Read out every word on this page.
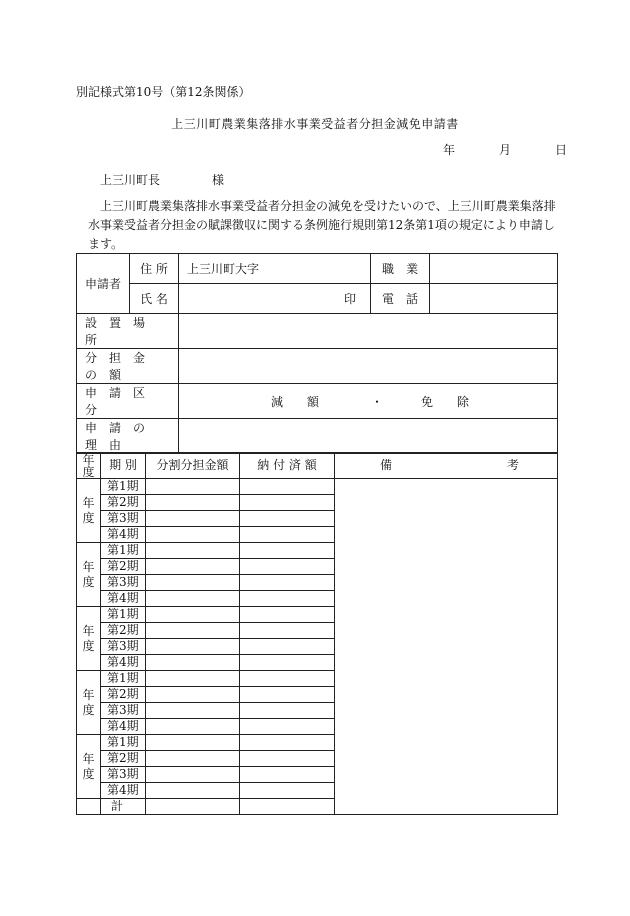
別記様式第10号（第12条関係）
上三川町農業集落排水事業受益者分担金減免申請書
年	月	日
上三川町長	様
上三川町農業集落排水事業受益者分担金の減免を受けたいので、上三川町農業集落排水事業受益者分担金の賦課徴収に関する条例施行規則第12条第1項の規定により申請します。
申請者	住 所	上三川町大字	職　業	
	氏 名	印	電　話	
設置場所				
分担金の額				
申請区分		減　　額 ・ 免　　除		
申請の理由				
年度	期 別	分割分担金額	納 付 済 額	備 考
年度	第1期			
	第2期			
	第3期			
	第4期			
年度	第1期			
	第2期			
	第3期			
	第4期			
年度	第1期			
	第2期			
	第3期			
	第4期			
年度	第1期			
	第2期			
	第3期			
	第4期			
年度	第1期			
	第2期			
	第3期			
	第4期			
	計			
